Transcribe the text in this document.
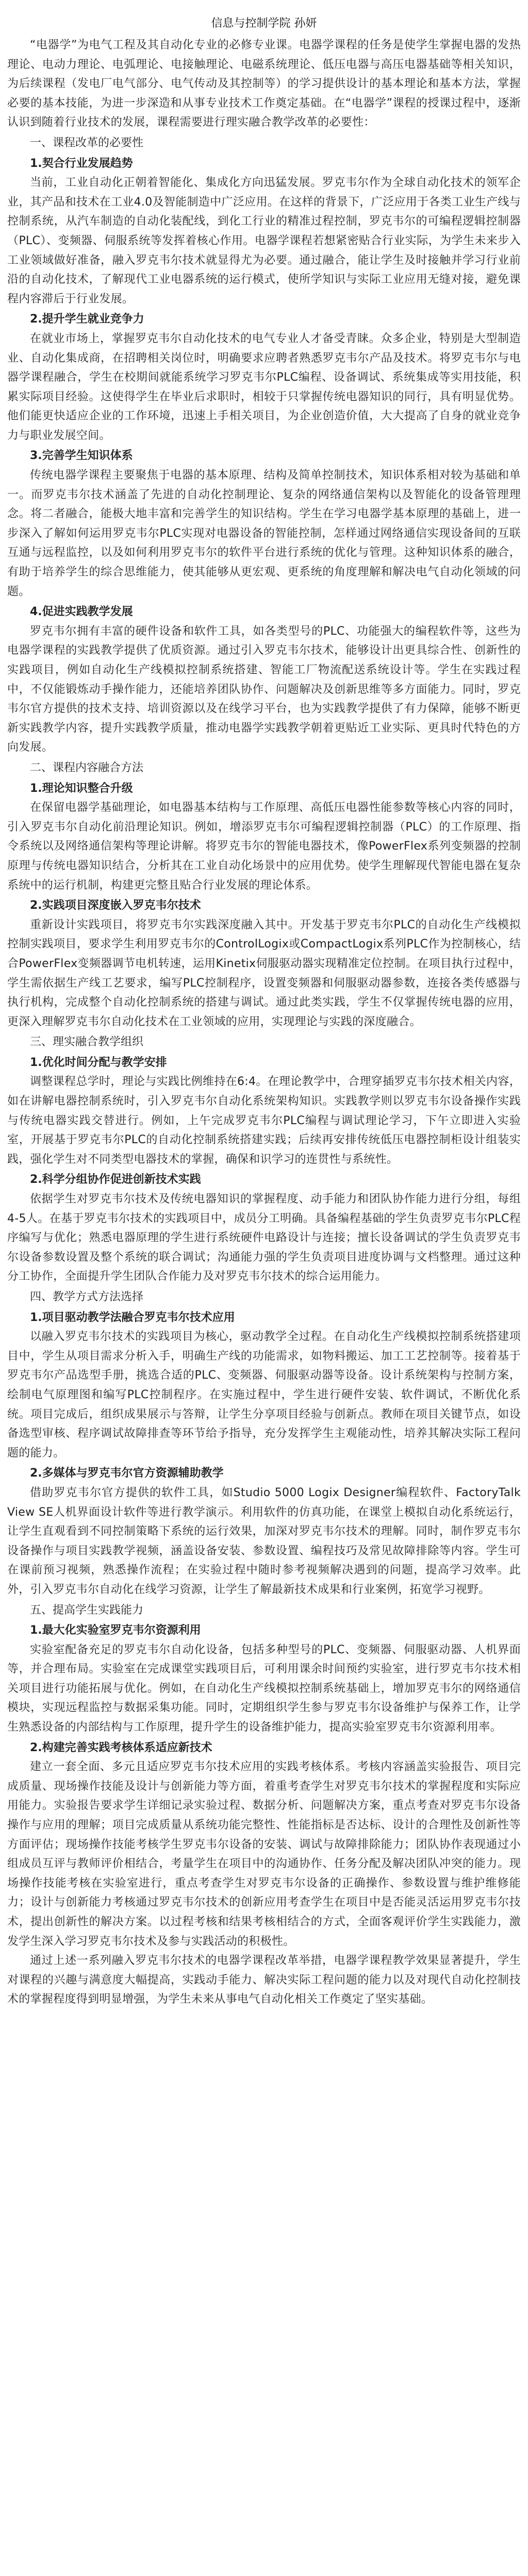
信息与控制学院 孙妍

“电器学”为电气工程及其自动化专业的必修专业课。电器学课程的任务是使学生掌握电器的发热理论、电动力理论、电弧理论、电接触理论、电磁系统理论、低压电器与高压电器基础等相关知识，为后续课程（发电厂电气部分、电气传动及其控制等）的学习提供设计的基本理论和基本方法，掌握必要的基本技能，为进一步深造和从事专业技术工作奠定基础。在“电器学”课程的授课过程中，逐渐认识到随着行业技术的发展，课程需要进行理实融合教学改革的必要性：

一、课程改革的必要性
1.契合行业发展趋势

当前，工业自动化正朝着智能化、集成化方向迅猛发展。罗克韦尔作为全球自动化技术的领军企业，其产品和技术在工业4.0及智能制造中广泛应用。在这样的背景下，广泛应用于各类工业生产线与控制系统，从汽车制造的自动化装配线，到化工行业的精准过程控制，罗克韦尔的可编程逻辑控制器（PLC）、变频器、伺服系统等发挥着核心作用。电器学课程若想紧密贴合行业实际，为学生未来步入工业领域做好准备，融入罗克韦尔技术就显得尤为必要。通过融合，能让学生及时接触并学习行业前沿的自动化技术，了解现代工业电器系统的运行模式，使所学知识与实际工业应用无缝对接，避免课程内容滞后于行业发展。

2.提升学生就业竞争力

在就业市场上，掌握罗克韦尔自动化技术的电气专业人才备受青睐。众多企业，特别是大型制造业、自动化集成商，在招聘相关岗位时，明确要求应聘者熟悉罗克韦尔产品及技术。将罗克韦尔与电器学课程融合，学生在校期间就能系统学习罗克韦尔PLC编程、设备调试、系统集成等实用技能，积累实际项目经验。这使得学生在毕业后求职时，相较于只掌握传统电器知识的同行，具有明显优势。他们能更快适应企业的工作环境，迅速上手相关项目，为企业创造价值，大大提高了自身的就业竞争力与职业发展空间。

3.完善学生知识体系

传统电器学课程主要聚焦于电器的基本原理、结构及简单控制技术，知识体系相对较为基础和单一。而罗克韦尔技术涵盖了先进的自动化控制理论、复杂的网络通信架构以及智能化的设备管理理念。将二者融合，能极大地丰富和完善学生的知识结构。学生在学习电器学基本原理的基础上，进一步深入了解如何运用罗克韦尔PLC实现对电器设备的智能控制，怎样通过网络通信实现设备间的互联互通与远程监控，以及如何利用罗克韦尔的软件平台进行系统的优化与管理。这种知识体系的融合，有助于培养学生的综合思维能力，使其能够从更宏观、更系统的角度理解和解决电气自动化领域的问题。

4.促进实践教学发展

罗克韦尔拥有丰富的硬件设备和软件工具，如各类型号的PLC、功能强大的编程软件等，这些为电器学课程的实践教学提供了优质资源。通过引入罗克韦尔技术，能够设计出更具综合性、创新性的实践项目，例如自动化生产线模拟控制系统搭建、智能工厂物流配送系统设计等。学生在实践过程中，不仅能锻炼动手操作能力，还能培养团队协作、问题解决及创新思维等多方面能力。同时，罗克韦尔官方提供的技术支持、培训资源以及在线学习平台，也为实践教学提供了有力保障，能够不断更新实践教学内容，提升实践教学质量，推动电器学实践教学朝着更贴近工业实际、更具时代特色的方向发展。

二、课程内容融合方法
1.理论知识整合升级

在保留电器学基础理论，如电器基本结构与工作原理、高低压电器性能参数等核心内容的同时，引入罗克韦尔自动化前沿理论知识。例如，增添罗克韦尔可编程逻辑控制器（PLC）的工作原理、指令系统以及网络通信架构等理论讲解。将罗克韦尔的智能电器技术，像PowerFlex系列变频器的控制原理与传统电器知识结合，分析其在工业自动化场景中的应用优势。使学生理解现代智能电器在复杂系统中的运行机制，构建更完整且贴合行业发展的理论体系。

2.实践项目深度嵌入罗克韦尔技术

重新设计实践项目，将罗克韦尔实践深度融入其中。开发基于罗克韦尔PLC的自动化生产线模拟控制实践项目，要求学生利用罗克韦尔的ControlLogix或CompactLogix系列PLC作为控制核心，结合PowerFlex变频器调节电机转速，运用Kinetix伺服驱动器实现精准定位控制。在项目执行过程中，学生需依据生产线工艺要求，编写PLC控制程序，设置变频器和伺服驱动器参数，连接各类传感器与执行机构，完成整个自动化控制系统的搭建与调试。通过此类实践，学生不仅掌握传统电器的应用，更深入理解罗克韦尔自动化技术在工业领域的应用，实现理论与实践的深度融合。

三、理实融合教学组织
1.优化时间分配与教学安排

调整课程总学时，理论与实践比例维持在6:4。在理论教学中，合理穿插罗克韦尔技术相关内容，如在讲解电器控制系统时，引入罗克韦尔自动化系统架构知识。实践教学则以罗克韦尔设备操作实践与传统电器实践交替进行。例如，上午完成罗克韦尔PLC编程与调试理论学习，下午立即进入实验室，开展基于罗克韦尔PLC的自动化控制系统搭建实践；后续再安排传统低压电器控制柜设计组装实践，强化学生对不同类型电器技术的掌握，确保和识学习的连贯性与系统性。

2.科学分组协作促进创新技术实践

依据学生对罗克韦尔技术及传统电器知识的掌握程度、动手能力和团队协作能力进行分组，每组4-5人。在基于罗克韦尔技术的实践项目中，成员分工明确。具备编程基础的学生负责罗克韦尔PLC程序编写与优化；熟悉电器原理的学生进行系统硬件电路设计与连接；擅长设备调试的学生负责罗克韦尔设备参数设置及整个系统的联合调试；沟通能力强的学生负责项目进度协调与文档整理。通过这种分工协作，全面提升学生团队合作能力及对罗克韦尔技术的综合运用能力。

四、教学方式方法选择
1.项目驱动教学法融合罗克韦尔技术应用

以融入罗克韦尔技术的实践项目为核心，驱动教学全过程。在自动化生产线模拟控制系统搭建项目中，学生从项目需求分析入手，明确生产线的功能需求，如物料搬运、加工工艺控制等。接着基于罗克韦尔产品选型手册，挑选合适的PLC、变频器、伺服驱动器等设备。设计系统架构与控制方案，绘制电气原理图和编写PLC控制程序。在实施过程中，学生进行硬件安装、软件调试，不断优化系统。项目完成后，组织成果展示与答辩，让学生分享项目经验与创新点。教师在项目关键节点，如设备选型审核、程序调试故障排查等环节给予指导，充分发挥学生主观能动性，培养其解决实际工程问题的能力。

2.多媒体与罗克韦尔官方资源辅助教学

借助罗克韦尔官方提供的软件工具，如Studio 5000 Logix Designer编程软件、FactoryTalk View SE人机界面设计软件等进行教学演示。利用软件的仿真功能，在课堂上模拟自动化系统运行，让学生直观看到不同控制策略下系统的运行效果，加深对罗克韦尔技术的理解。同时，制作罗克韦尔设备操作与项目实践教学视频，涵盖设备安装、参数设置、编程技巧及常见故障排除等内容。学生可在课前预习视频，熟悉操作流程；在实验过程中随时参考视频解决遇到的问题，提高学习效率。此外，引入罗克韦尔自动化在线学习资源，让学生了解最新技术成果和行业案例，拓宽学习视野。

五、提高学生实践能力
1.最大化实验室罗克韦尔资源利用

实验室配备充足的罗克韦尔自动化设备，包括多种型号的PLC、变频器、伺服驱动器、人机界面等，并合理布局。实验室在完成课堂实践项目后，可利用课余时间预约实验室，进行罗克韦尔技术相关项目进行功能拓展与优化。例如，在自动化生产线模拟控制系统基础上，增加罗克韦尔的网络通信模块，实现远程监控与数据采集功能。同时，定期组织学生参与罗克韦尔设备维护与保养工作，让学生熟悉设备的内部结构与工作原理，提升学生的设备维护能力，提高实验室罗克韦尔资源利用率。

2.构建完善实践考核体系适应新技术

建立一套全面、多元且适应罗克韦尔技术应用的实践考核体系。考核内容涵盖实验报告、项目完成质量、现场操作技能及设计与创新能力等方面，着重考查学生对罗克韦尔技术的掌握程度和实际应用能力。实验报告要求学生详细记录实验过程、数据分析、问题解决方案，重点考查对罗克韦尔设备操作与应用的理解；项目完成质量从系统功能完整性、性能指标是否达标、设计的合理性及创新性等方面评估；现场操作技能考核学生罗克韦尔设备的安装、调试与故障排除能力；团队协作表现通过小组成员互评与教师评价相结合，考量学生在项目中的沟通协作、任务分配及解决团队冲突的能力。现场操作技能考核在实验室进行，重点考查学生对罗克韦尔设备的正确操作、参数设置与维护维修能力；设计与创新能力考核通过罗克韦尔技术的创新应用考查学生在项目中是否能灵活运用罗克韦尔技术，提出创新性的解决方案。以过程考核和结果考核相结合的方式，全面客观评价学生实践能力，激发学生深入学习罗克韦尔技术及参与实践活动的积极性。

通过上述一系列融入罗克韦尔技术的电器学课程改革举措，电器学课程教学效果显著提升，学生对课程的兴趣与满意度大幅提高，实践动手能力、解决实际工程问题的能力以及对现代自动化控制技术的掌握程度得到明显增强，为学生未来从事电气自动化相关工作奠定了坚实基础。
